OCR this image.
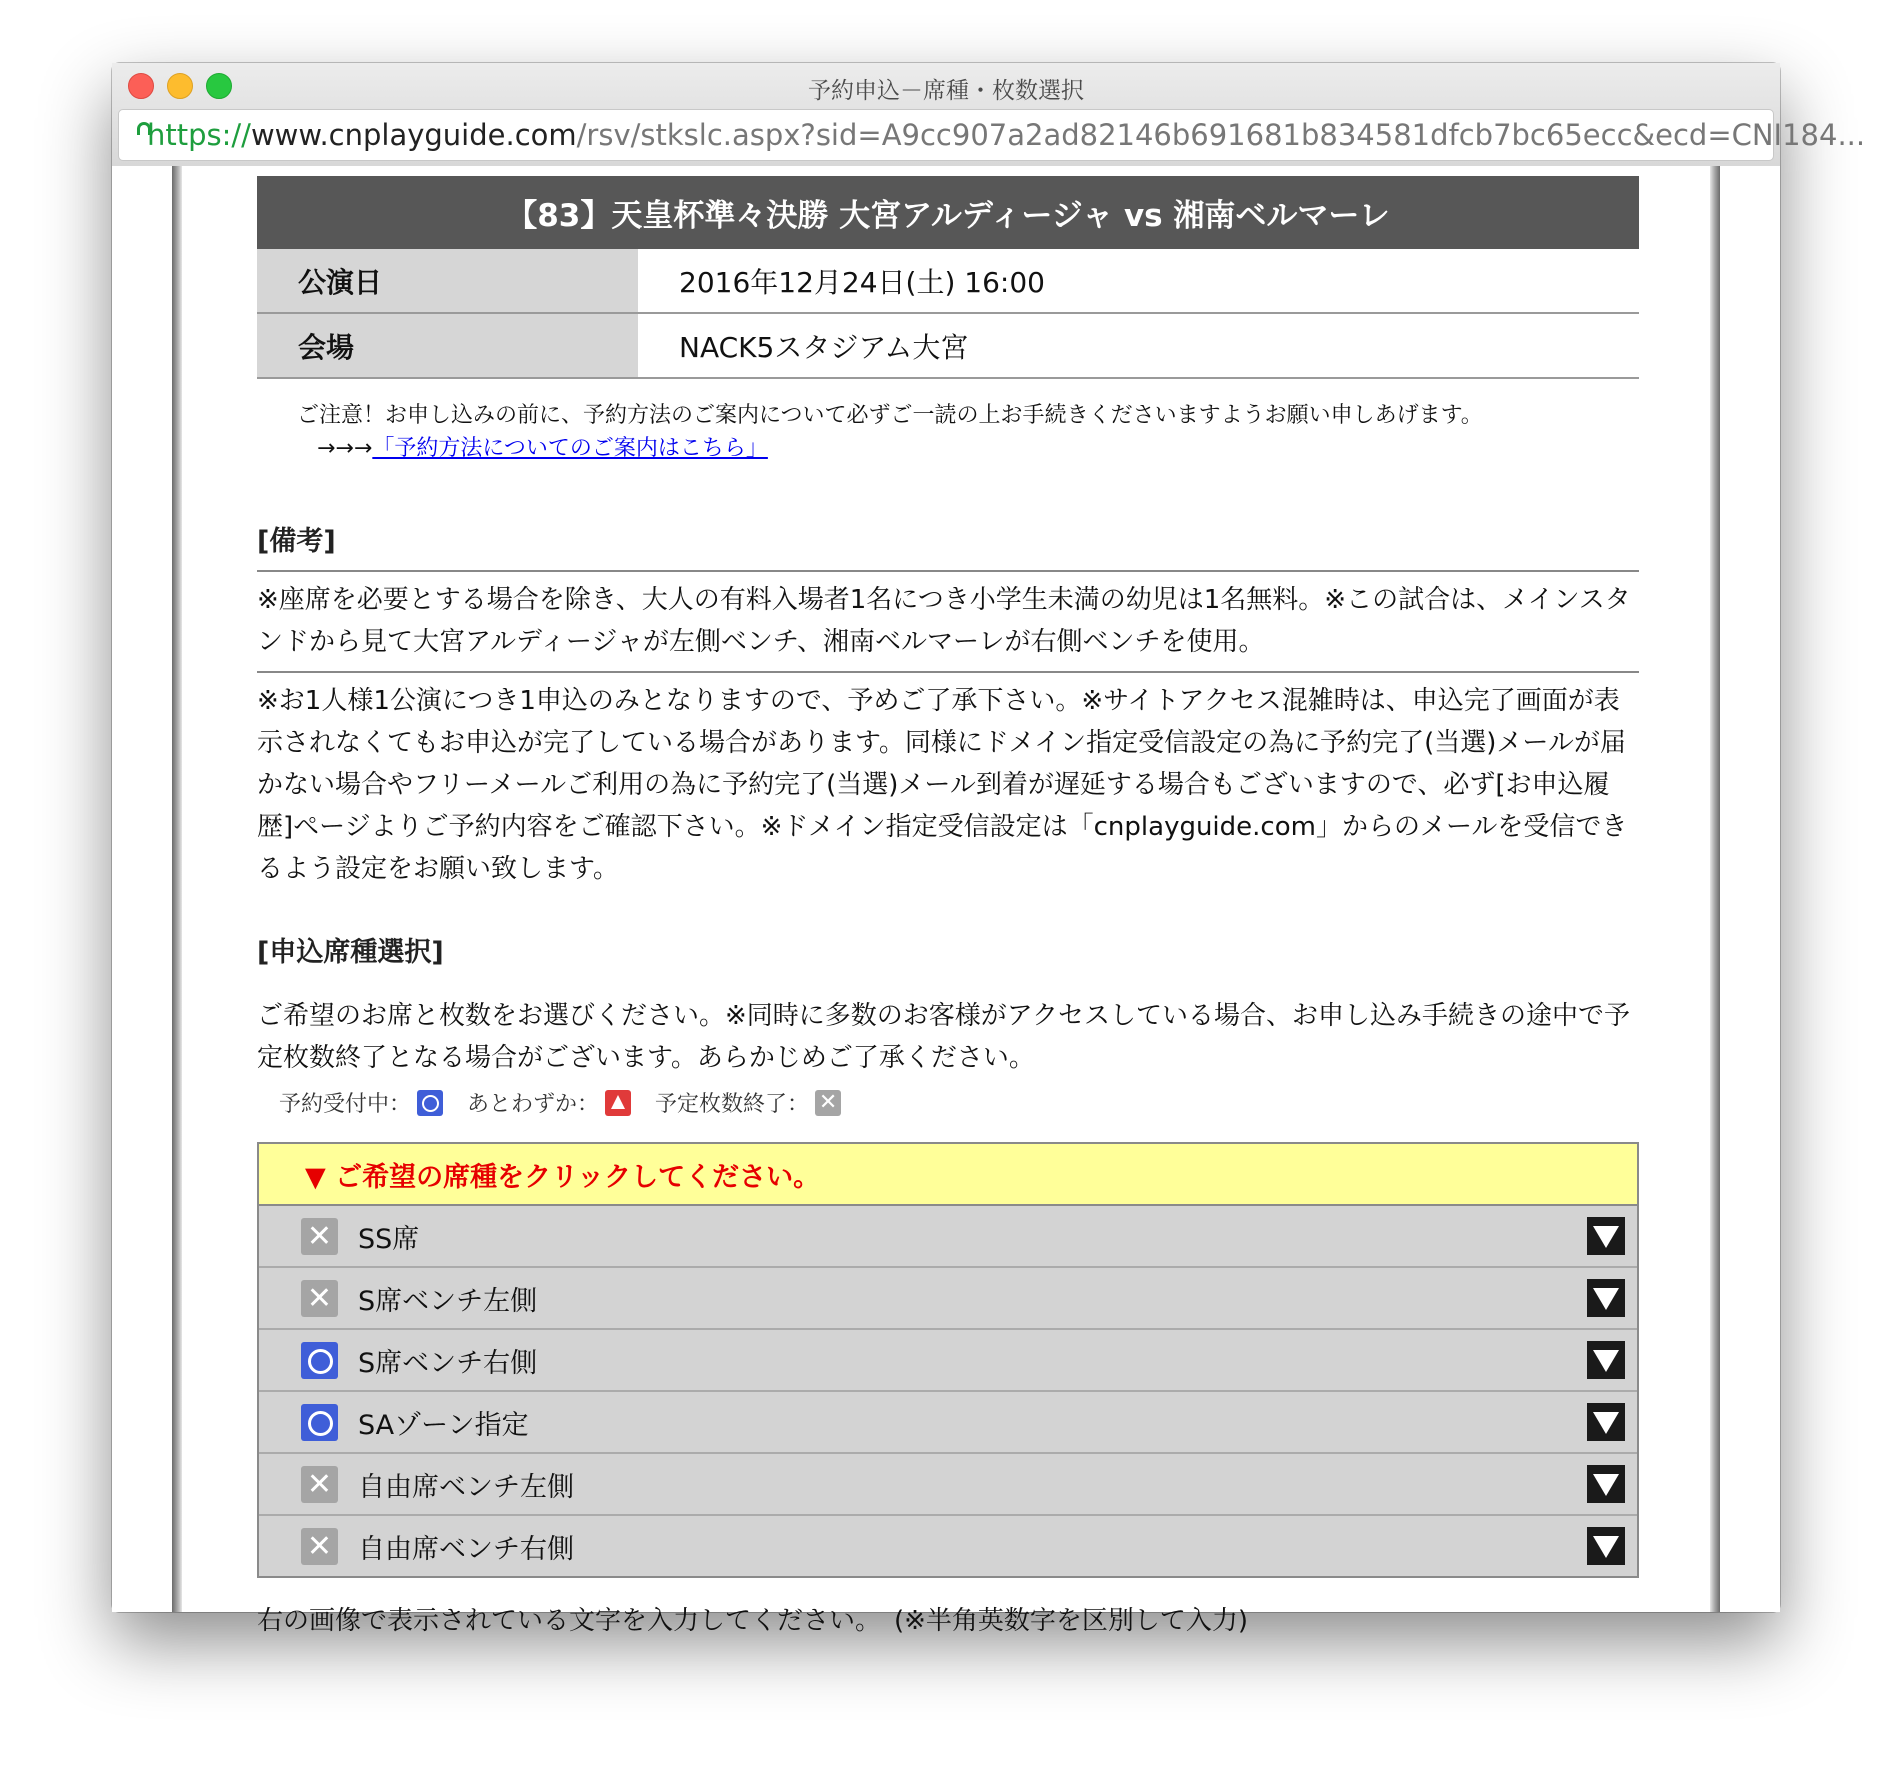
予約申込－席種・枚数選択
https:// www.cnplayguide.com /rsv/stkslc.aspx?sid=A9cc907a2ad82146b691681b834581dfcb7bc65ecc&ecd=CNI184...
【83】天皇杯準々決勝 大宮アルディージャ vs 湘南ベルマーレ
公演日	2016年12月24日(土) 16:00
会場	NACK5スタジアム大宮
ご注意！お申し込みの前に、予約方法のご案内について必ずご一読の上お手続きくださいますようお願い申しあげます。
→→→「予約方法についてのご案内はこちら」
[備考]
※座席を必要とする場合を除き、大人の有料入場者1名につき小学生未満の幼児は1名無料。※この試合は、メインスタンドから見て大宮アルディージャが左側ベンチ、湘南ベルマーレが右側ベンチを使用。
※お1人様1公演につき1申込のみとなりますので、予めご了承下さい。※サイトアクセス混雑時は、申込完了画面が表示されなくてもお申込が完了している場合があります。同様にドメイン指定受信設定の為に予約完了(当選)メールが届かない場合やフリーメールご利用の為に予約完了(当選)メール到着が遅延する場合もございますので、必ず[お申込履歴]ページよりご予約内容をご確認下さい。※ドメイン指定受信設定は「cnplayguide.com」からのメールを受信できるよう設定をお願い致します。
[申込席種選択]
ご希望のお席と枚数をお選びください。※同時に多数のお客様がアクセスしている場合、お申し込み手続きの途中で予定枚数終了となる場合がございます。あらかじめご了承ください。
予約受付中：	あとわずか：	予定枚数終了： ✕
▼ ご希望の席種をクリックしてください。
✕ SS席
✕ S席ベンチ左側
S席ベンチ右側
SAゾーン指定
✕ 自由席ベンチ左側
✕ 自由席ベンチ右側
右の画像で表示されている文字を入力してください。　(※半角英数字を区別して入力)
